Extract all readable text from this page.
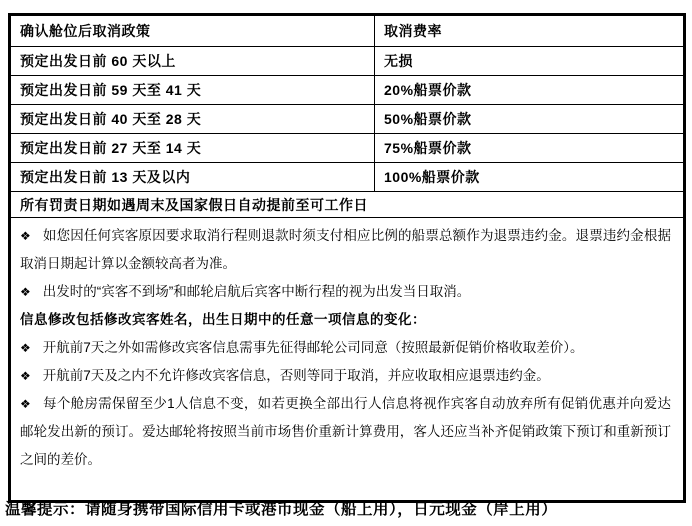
确认舱位后取消政策	取消费率
预定出发日前 60 天以上	无损
预定出发日前 59 天至 41 天	20%船票价款
预定出发日前 40 天至 28 天	50%船票价款
预定出发日前 27 天至 14 天	75%船票价款
预定出发日前 13 天及以内	100%船票价款
所有罚责日期如遇周末及国家假日自动提前至可工作日	

❖ 如您因任何宾客原因要求取消行程则退款时须支付相应比例的船票总额作为退票违约金。退票违约金根据取消日期起计算以金额较高者为准。

❖ 出发时的“宾客不到场”和邮轮启航后宾客中断行程的视为出发当日取消。

信息修改包括修改宾客姓名，出生日期中的任意一项信息的变化：

❖ 开航前7天之外如需修改宾客信息需事先征得邮轮公司同意（按照最新促销价格收取差价）。

❖ 开航前7天及之内不允许修改宾客信息，否则等同于取消，并应收取相应退票违约金。

❖ 每个舱房需保留至少1人信息不变，如若更换全部出行人信息将视作宾客自动放弃所有促销优惠并向爱达邮轮发出新的预订。爱达邮轮将按照当前市场售价重新计算费用，客人还应当补齐促销政策下预订和重新预订之间的差价。

温馨提示：请随身携带国际信用卡或港币现金（船上用），日元现金（岸上用）
